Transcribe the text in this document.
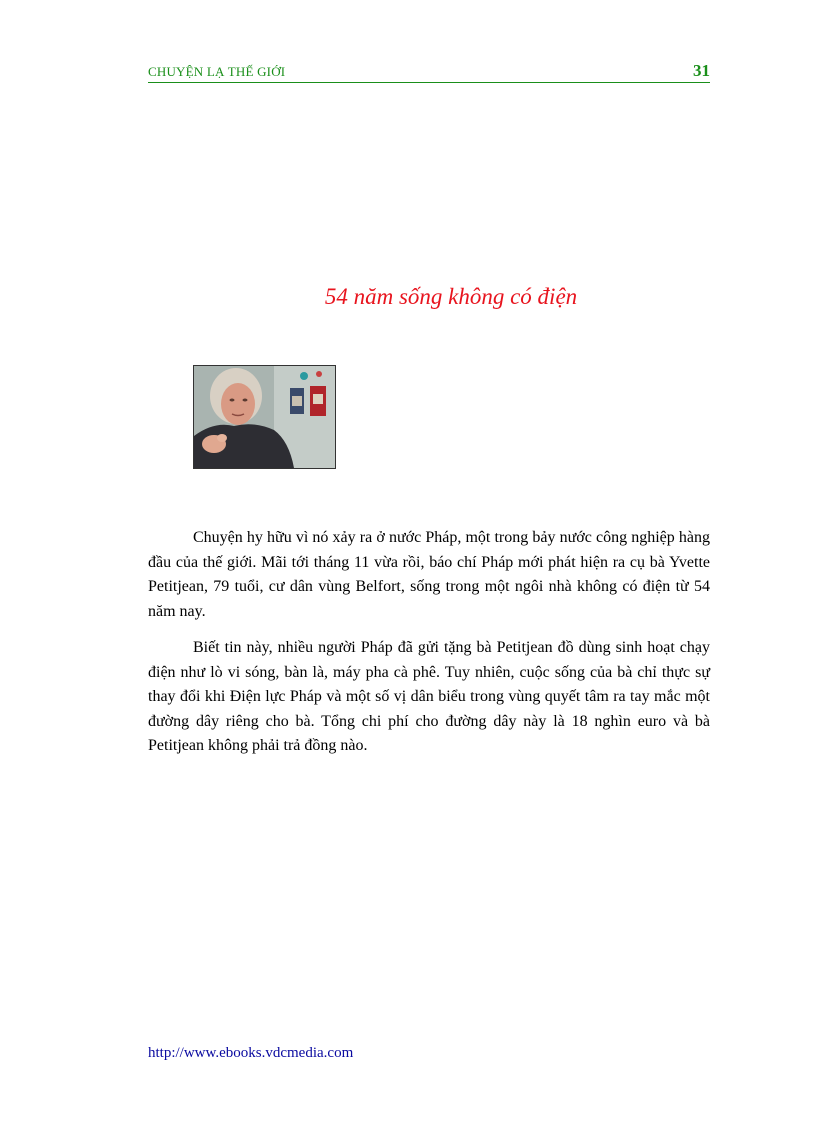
CHUYỆN LẠ THẾ GIỚI	31
54 năm sống không có điện

Chuyện hy hữu vì nó xảy ra ở nước Pháp, một trong bảy nước công nghiệp hàng đầu của thế giới. Mãi tới tháng 11 vừa rồi, báo chí Pháp mới phát hiện ra cụ bà Yvette Petitjean, 79 tuổi, cư dân vùng Belfort, sống trong một ngôi nhà không có điện từ 54 năm nay.

Biết tin này, nhiều người Pháp đã gửi tặng bà Petitjean đồ dùng sinh hoạt chạy điện như lò vi sóng, bàn là, máy pha cà phê. Tuy nhiên, cuộc sống của bà chỉ thực sự thay đổi khi Điện lực Pháp và một số vị dân biểu trong vùng quyết tâm ra tay mắc một đường dây riêng cho bà. Tổng chi phí cho đường dây này là 18 nghìn euro và bà Petitjean không phải trả đồng nào.

http://www.ebooks.vdcmedia.com
